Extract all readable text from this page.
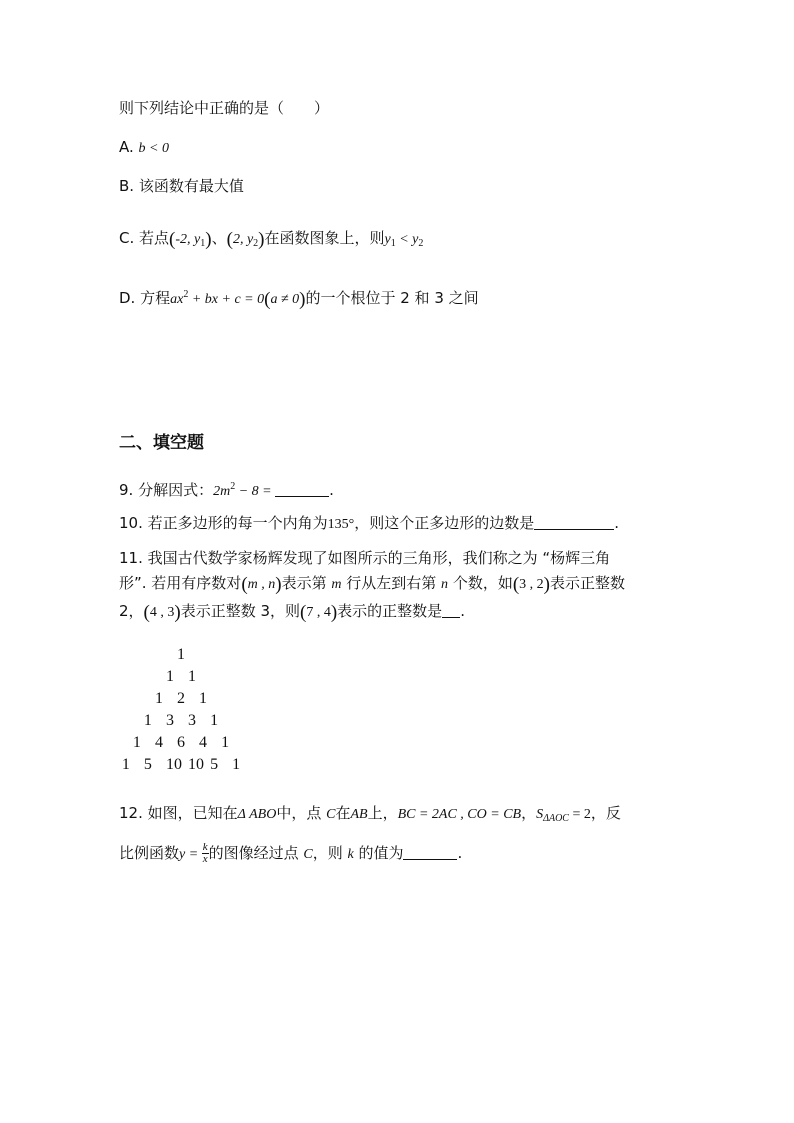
则下列结论中正确的是（　　）
A. b < 0
B. 该函数有最大值
C. 若点(-2, $y_1$)、(2, $y_2$)在函数图象上，则$y_1 < y_2$
D. 方程$ax^2$ + bx + c = 0(a ≠ 0)的一个根位于 2 和 3 之间
二、填空题
9. 分解因式：$2m^2 - 8$ =	.
10. 若正多边形的每一个内角为135°，则这个正多边形的边数是	.
11. 我国古代数学家杨辉发现了如图所示的三角形，我们称之为 “杨辉三角
形”. 若用有序数对(m , n)表示第 m 行从左到右第 n 个数，如(3 , 2)表示正整数
2，(4 , 3)表示正整数 3，则(7 , 4)表示的正整数是 .
1
1 1
1 2 1
1 3 3 1
1 4 6 4 1
1 5 10 10 5 1
12. 如图，已知在Δ ABO中，点 C在AB上，BC = 2AC , CO = CB，$S_{\Delta AOC} = 2$，反
比例函数$y = \frac{k}{x}$ 的图像经过点 C，则 k 的值为	.
